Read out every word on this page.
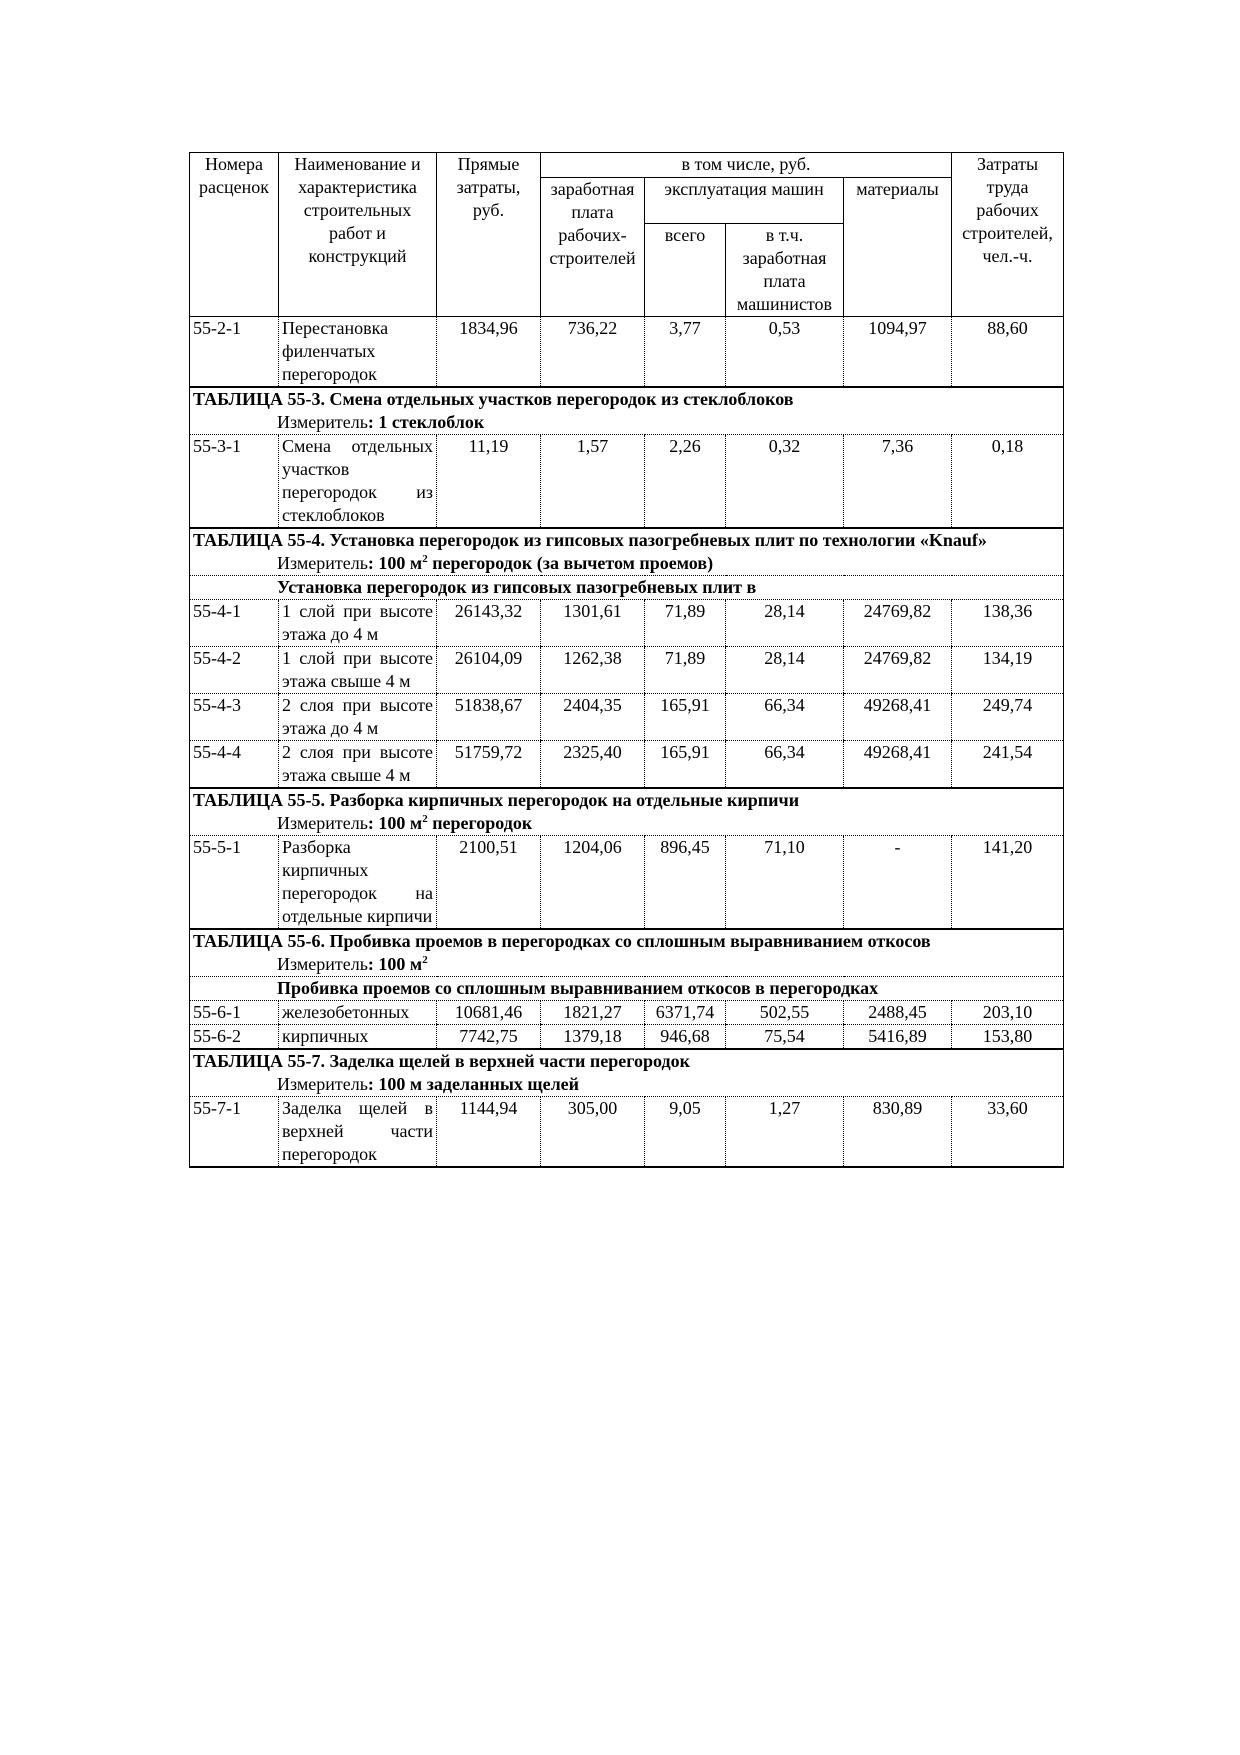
Номера расценок	Наименование и характеристика строительных работ и конструкций	Прямые затраты, руб.	в том числе, руб.				Затраты труда рабочих строителей, чел.-ч.
			заработная плата рабочих-строителей	эксплуатация машин		материалы	
				всего	в т.ч. заработная плата машинистов		
55-2-1	Перестановка филенчатых перегородок	1834,96	736,22	3,77	0,53	1094,97	88,60
ТАБЛИЦА 55-3. Смена отдельных участков перегородок из стеклоблоков							
Измеритель: 1 стеклоблок							
55-3-1	Смена отдельных участков перегородок из стеклоблоков	11,19	1,57	2,26	0,32	7,36	0,18
ТАБЛИЦА 55-4. Установка перегородок из гипсовых пазогребневых плит по технологии «Knauf»							
Измеритель: 100 $м^2$ перегородок (за вычетом проемов)							
Установка перегородок из гипсовых пазогребневых плит в							
55-4-1	1 слой при высоте этажа до 4 м	26143,32	1301,61	71,89	28,14	24769,82	138,36
55-4-2	1 слой при высоте этажа свыше 4 м	26104,09	1262,38	71,89	28,14	24769,82	134,19
55-4-3	2 слоя при высоте этажа до 4 м	51838,67	2404,35	165,91	66,34	49268,41	249,74
55-4-4	2 слоя при высоте этажа свыше 4 м	51759,72	2325,40	165,91	66,34	49268,41	241,54
ТАБЛИЦА 55-5. Разборка кирпичных перегородок на отдельные кирпичи							
Измеритель: 100 $м^2$ перегородок							
55-5-1	Разборка кирпичных перегородок на отдельные кирпичи	2100,51	1204,06	896,45	71,10	-	141,20
ТАБЛИЦА 55-6. Пробивка проемов в перегородках со сплошным выравниванием откосов							
Измеритель: 100 $м^2$
Пробивка проемов со сплошным выравниванием откосов в перегородках							
55-6-1	железобетонных	10681,46	1821,27	6371,74	502,55	2488,45	203,10
55-6-2	кирпичных	7742,75	1379,18	946,68	75,54	5416,89	153,80
ТАБЛИЦА 55-7. Заделка щелей в верхней части перегородок							
Измеритель: 100 м заделанных щелей							
55-7-1	Заделка щелей в верхней части перегородок	1144,94	305,00	9,05	1,27	830,89	33,60
